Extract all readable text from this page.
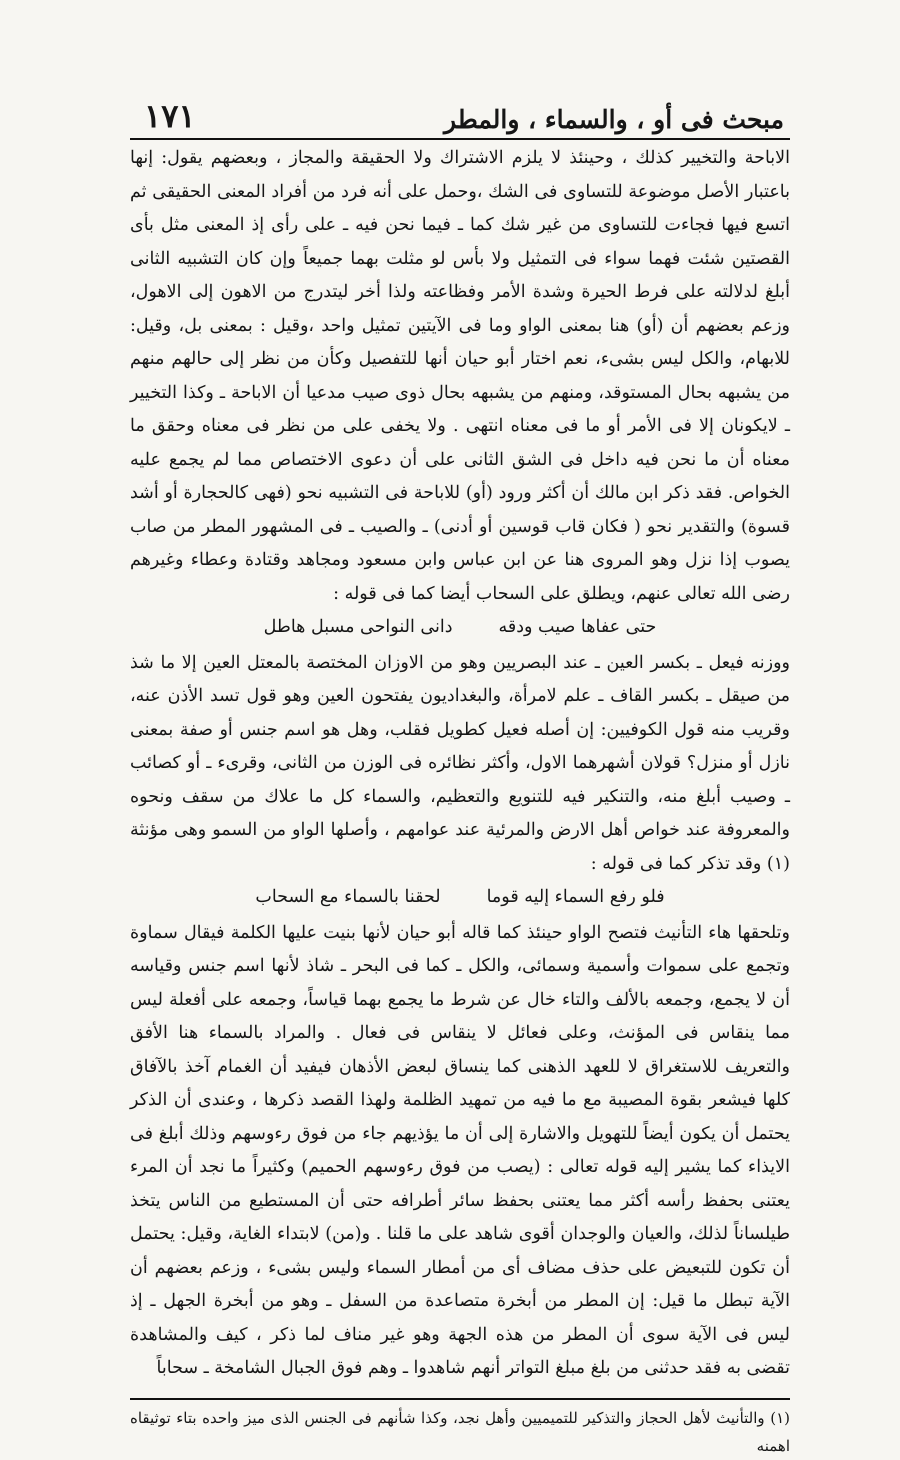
مبحث فى أو ، والسماء ، والمطر
١٧١

الاباحة والتخيير كذلك ، وحينئذ لا يلزم الاشتراك ولا الحقيقة والمجاز ، وبعضهم يقول: إنها باعتبار الأصل موضوعة للتساوى فى الشك ،وحمل على أنه فرد من أفراد المعنى الحقيقى ثم اتسع فيها فجاءت للتساوى من غير شك كما ـ فيما نحن فيه ـ على رأى إذ المعنى مثل بأى القصتين شئت فهما سواء فى التمثيل ولا بأس لو مثلت بهما جميعاً وإن كان التشبيه الثانى أبلغ لدلالته على فرط الحيرة وشدة الأمر وفظاعته ولذا أخر ليتدرج من الاهون إلى الاهول، وزعم بعضهم أن (أو) هنا بمعنى الواو وما فى الآيتين تمثيل واحد ،وقيل : بمعنى بل، وقيل: للابهام، والكل ليس بشىء، نعم اختار أبو حيان أنها للتفصيل وكأن من نظر إلى حالهم منهم من يشبهه بحال المستوقد، ومنهم من يشبهه بحال ذوى صيب مدعيا أن الاباحة ـ وكذا التخيير ـ لايكونان إلا فى الأمر أو ما فى معناه انتهى . ولا يخفى على من نظر فى معناه وحقق ما معناه أن ما نحن فيه داخل فى الشق الثانى على أن دعوى الاختصاص مما لم يجمع عليه الخواص. فقد ذكر ابن مالك أن أكثر ورود (أو) للاباحة فى التشبيه نحو (فهى كالحجارة أو أشد قسوة) والتقدير نحو ( فكان قاب قوسين أو أدنى) ـ والصيب ـ فى المشهور المطر من صاب يصوب إذا نزل وهو المروى هنا عن ابن عباس وابن مسعود ومجاهد وقتادة وعطاء وغيرهم رضى الله تعالى عنهم، ويطلق على السحاب أيضا كما فى قوله :

حتى عفاها صيب ودقه
دانى النواحى مسبل هاطل

ووزنه فيعل ـ بكسر العين ـ عند البصريين وهو من الاوزان المختصة بالمعتل العين إلا ما شذ من صيقل ـ بكسر القاف ـ علم لامرأة، والبغداديون يفتحون العين وهو قول تسد الأذن عنه، وقريب منه قول الكوفيين: إن أصله فعيل كطويل فقلب، وهل هو اسم جنس أو صفة بمعنى نازل أو منزل؟ قولان أشهرهما الاول، وأكثر نظائره فى الوزن من الثانى، وقرىء ـ أو كصائب ـ وصيب أبلغ منه، والتنكير فيه للتنويع والتعظيم، والسماء كل ما علاك من سقف ونحوه والمعروفة عند خواص أهل الارض والمرئية عند عوامهم ، وأصلها الواو من السمو وهى مؤنثة (١) وقد تذكر كما فى قوله :

فلو رفع السماء إليه قوما
لحقنا بالسماء مع السحاب

وتلحقها هاء التأنيث فتصح الواو حينئذ كما قاله أبو حيان لأنها بنيت عليها الكلمة فيقال سماوة وتجمع على سموات وأسمية وسمائى، والكل ـ كما فى البحر ـ شاذ لأنها اسم جنس وقياسه أن لا يجمع، وجمعه بالألف والتاء خال عن شرط ما يجمع بهما قياساً، وجمعه على أفعلة ليس مما ينقاس فى المؤنث، وعلى فعائل لا ينقاس فى فعال . والمراد بالسماء هنا الأفق والتعريف للاستغراق لا للعهد الذهنى كما ينساق لبعض الأذهان فيفيد أن الغمام آخذ بالآفاق كلها فيشعر بقوة المصيبة مع ما فيه من تمهيد الظلمة ولهذا القصد ذكرها ، وعندى أن الذكر يحتمل أن يكون أيضاً للتهويل والاشارة إلى أن ما يؤذيهم جاء من فوق رءوسهم وذلك أبلغ فى الايذاء كما يشير إليه قوله تعالى : (يصب من فوق رءوسهم الحميم) وكثيراً ما نجد أن المرء يعتنى بحفظ رأسه أكثر مما يعتنى بحفظ سائر أطرافه حتى أن المستطيع من الناس يتخذ طيلساناً لذلك، والعيان والوجدان أقوى شاهد على ما قلنا . و(من) لابتداء الغاية، وقيل: يحتمل أن تكون للتبعيض على حذف مضاف أى من أمطار السماء وليس بشىء ، وزعم بعضهم أن الآية تبطل ما قيل: إن المطر من أبخرة متصاعدة من السفل ـ وهو من أبخرة الجهل ـ إذ ليس فى الآية سوى أن المطر من هذه الجهة وهو غير مناف لما ذكر ، كيف والمشاهدة تقضى به فقد حدثنى من بلغ مبلغ التواتر أنهم شاهدوا ـ وهم فوق الجبال الشامخة ـ سحاباً

(١) والتأنيث لأهل الحجاز والتذكير للتميميين وأهل نجد، وكذا شأنهم فى الجنس الذى ميز واحده بتاء توثيقاه اهمنه
